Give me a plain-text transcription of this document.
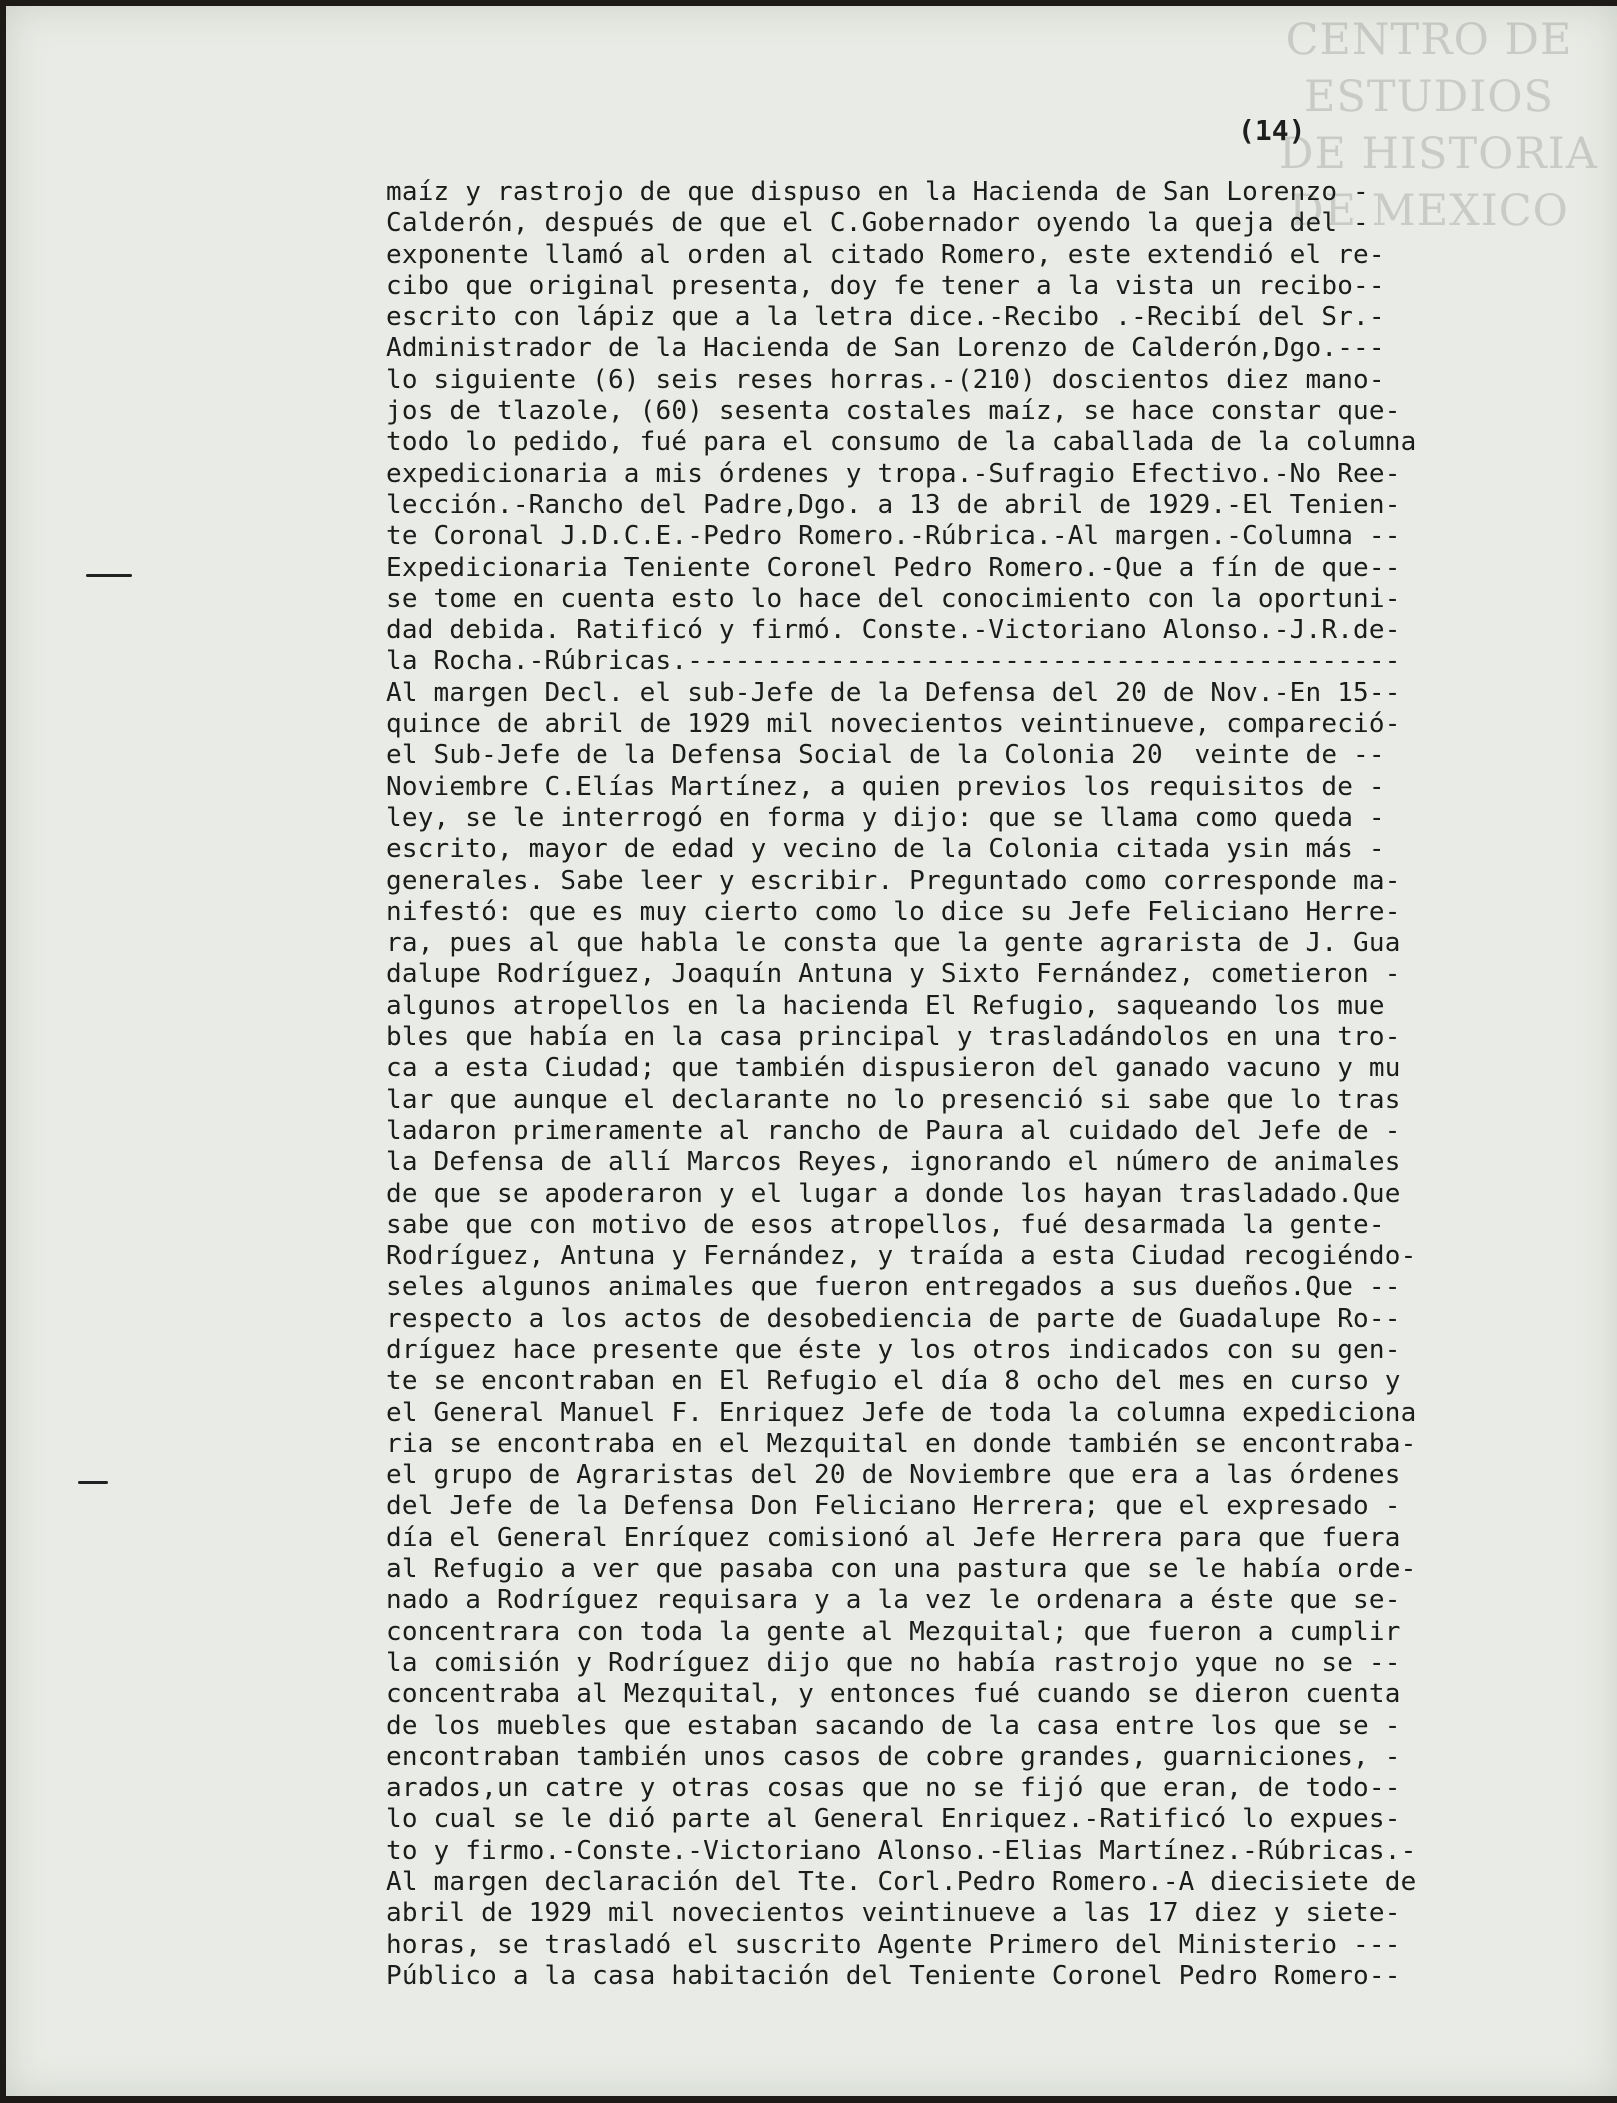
CENTRO DE
ESTUDIOS
DE HISTORIA
DE MEXICO
(14)
maíz y rastrojo de que dispuso en la Hacienda de San Lorenzo -
Calderón, después de que el C.Gobernador oyendo la queja del -
exponente llamó al orden al citado Romero, este extendió el re-
cibo que original presenta, doy fe tener a la vista un recibo--
escrito con lápiz que a la letra dice.-Recibo .-Recibí del Sr.-
Administrador de la Hacienda de San Lorenzo de Calderón,Dgo.---
lo siguiente (6) seis reses horras.-(210) doscientos diez mano-
jos de tlazole, (60) sesenta costales maíz, se hace constar que-
todo lo pedido, fué para el consumo de la caballada de la columna
expedicionaria a mis órdenes y tropa.-Sufragio Efectivo.-No Ree-
lección.-Rancho del Padre,Dgo. a 13 de abril de 1929.-El Tenien-
te Coronal J.D.C.E.-Pedro Romero.-Rúbrica.-Al margen.-Columna --
Expedicionaria Teniente Coronel Pedro Romero.-Que a fín de que--
se tome en cuenta esto lo hace del conocimiento con la oportuni-
dad debida. Ratificó y firmó. Conste.-Victoriano Alonso.-J.R.de-
la Rocha.-Rúbricas.---------------------------------------------
Al margen Decl. el sub-Jefe de la Defensa del 20 de Nov.-En 15--
quince de abril de 1929 mil novecientos veintinueve, compareció-
el Sub-Jefe de la Defensa Social de la Colonia 20  veinte de --
Noviembre C.Elías Martínez, a quien previos los requisitos de -
ley, se le interrogó en forma y dijo: que se llama como queda -
escrito, mayor de edad y vecino de la Colonia citada ysin más -
generales. Sabe leer y escribir. Preguntado como corresponde ma-
nifestó: que es muy cierto como lo dice su Jefe Feliciano Herre-
ra, pues al que habla le consta que la gente agrarista de J. Gua
dalupe Rodríguez, Joaquín Antuna y Sixto Fernández, cometieron -
algunos atropellos en la hacienda El Refugio, saqueando los mue
bles que había en la casa principal y trasladándolos en una tro-
ca a esta Ciudad; que también dispusieron del ganado vacuno y mu
lar que aunque el declarante no lo presenció si sabe que lo tras
ladaron primeramente al rancho de Paura al cuidado del Jefe de -
la Defensa de allí Marcos Reyes, ignorando el número de animales
de que se apoderaron y el lugar a donde los hayan trasladado.Que
sabe que con motivo de esos atropellos, fué desarmada la gente-
Rodríguez, Antuna y Fernández, y traída a esta Ciudad recogiéndo-
seles algunos animales que fueron entregados a sus dueños.Que --
respecto a los actos de desobediencia de parte de Guadalupe Ro--
dríguez hace presente que éste y los otros indicados con su gen-
te se encontraban en El Refugio el día 8 ocho del mes en curso y
el General Manuel F. Enriquez Jefe de toda la columna expediciona
ria se encontraba en el Mezquital en donde también se encontraba-
el grupo de Agraristas del 20 de Noviembre que era a las órdenes
del Jefe de la Defensa Don Feliciano Herrera; que el expresado -
día el General Enríquez comisionó al Jefe Herrera para que fuera
al Refugio a ver que pasaba con una pastura que se le había orde-
nado a Rodríguez requisara y a la vez le ordenara a éste que se-
concentrara con toda la gente al Mezquital; que fueron a cumplir
la comisión y Rodríguez dijo que no había rastrojo yque no se --
concentraba al Mezquital, y entonces fué cuando se dieron cuenta
de los muebles que estaban sacando de la casa entre los que se -
encontraban también unos casos de cobre grandes, guarniciones, -
arados,un catre y otras cosas que no se fijó que eran, de todo--
lo cual se le dió parte al General Enriquez.-Ratificó lo expues-
to y firmo.-Conste.-Victoriano Alonso.-Elias Martínez.-Rúbricas.-
Al margen declaración del Tte. Corl.Pedro Romero.-A diecisiete de
abril de 1929 mil novecientos veintinueve a las 17 diez y siete-
horas, se trasladó el suscrito Agente Primero del Ministerio ---
Público a la casa habitación del Teniente Coronel Pedro Romero--
